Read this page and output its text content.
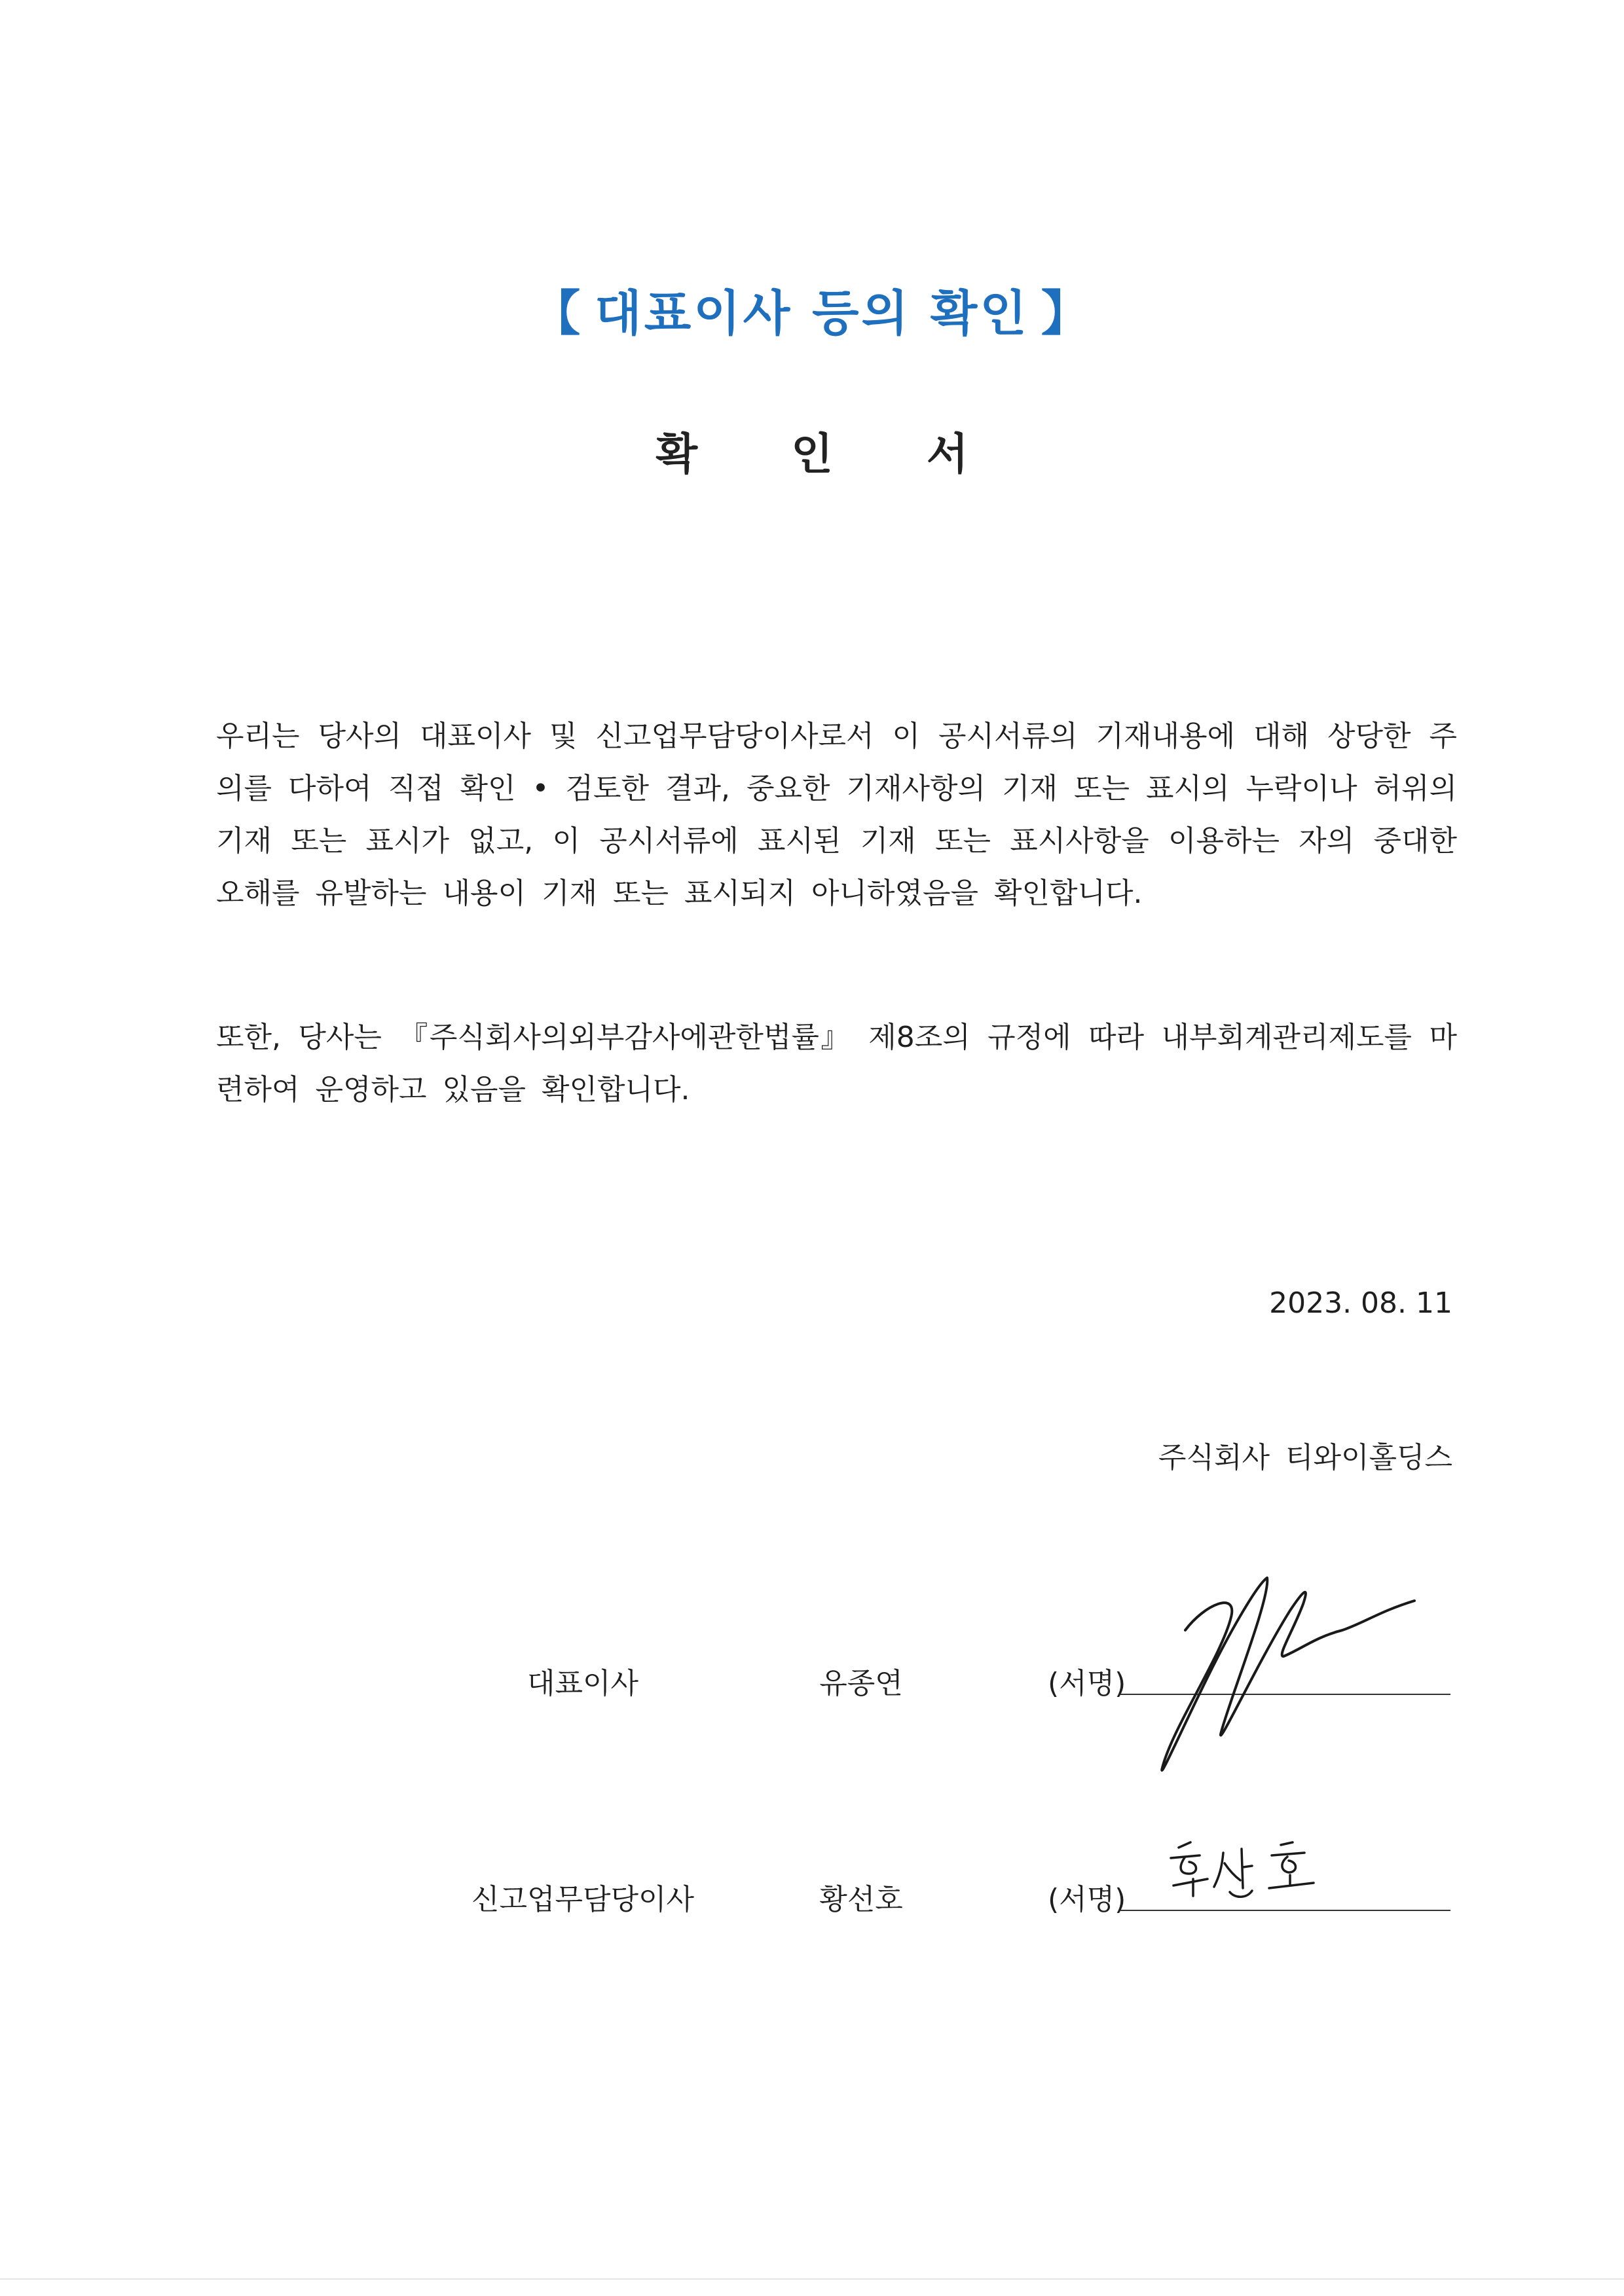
【 대표이사 등의 확인 】
확 인 서
우리는 당사의 대표이사 및 신고업무담당이사로서 이 공시서류의 기재내용에 대해 상당한 주의를 다하여 직접 확인 • 검토한 결과, 중요한 기재사항의 기재 또는 표시의 누락이나 허위의 기재 또는 표시가 없고, 이 공시서류에 표시된 기재 또는 표시사항을 이용하는 자의 중대한 오해를 유발하는 내용이 기재 또는 표시되지 아니하였음을 확인합니다.
또한, 당사는 『주식회사의외부감사에관한법률』 제8조의 규정에 따라 내부회계관리제도를 마련하여 운영하고 있음을 확인합니다.
2023. 08. 11
주식회사 티와이홀딩스
대표이사	유종연	(서명)
신고업무담당이사	황선호	(서명)
